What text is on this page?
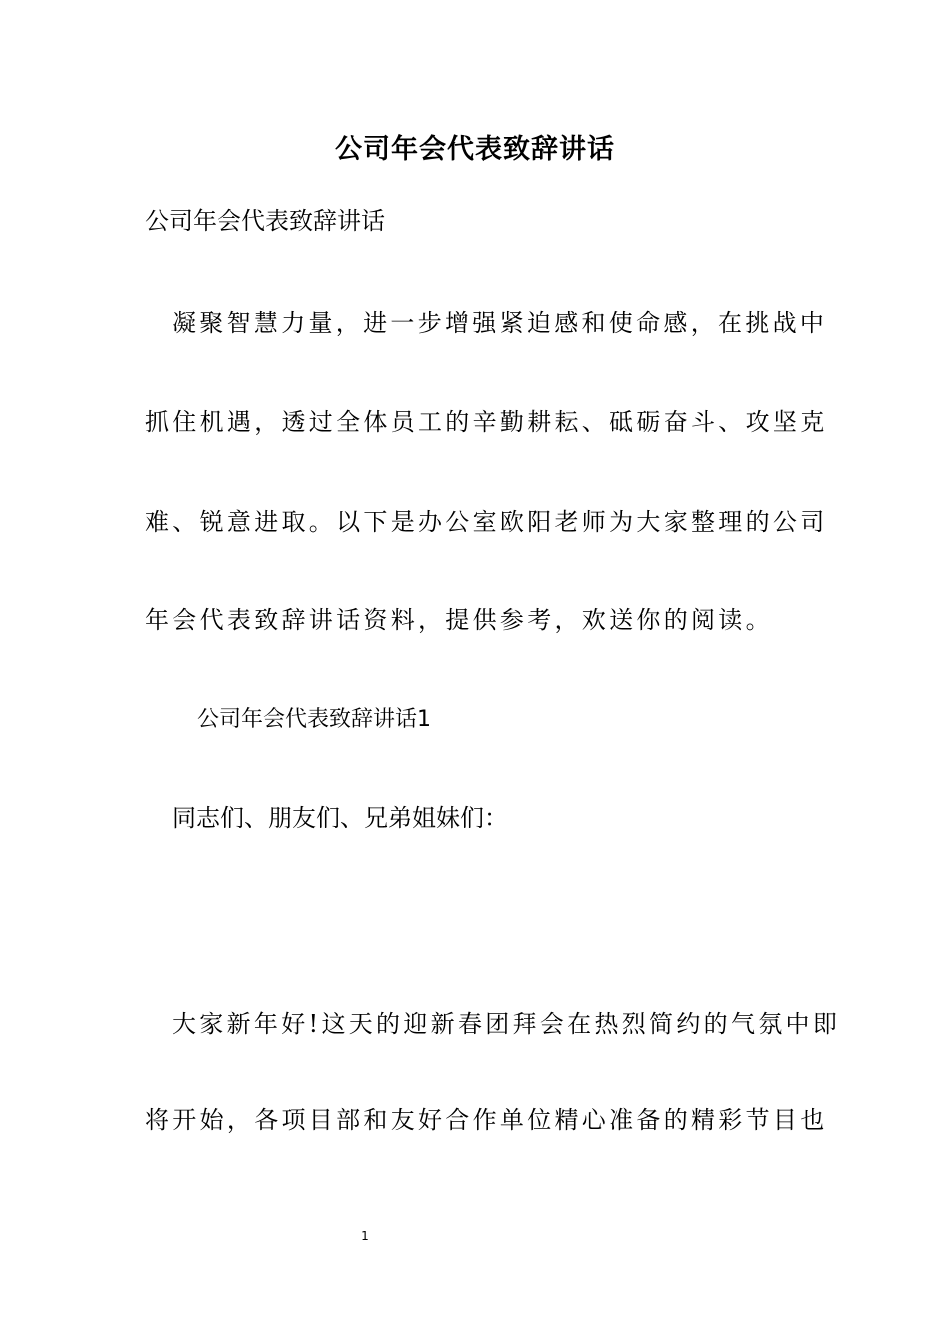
公司年会代表致辞讲话
公司年会代表致辞讲话
凝聚智慧力量，进一步增强紧迫感和使命感，在挑战中
抓住机遇，透过全体员工的辛勤耕耘、砥砺奋斗、攻坚克
难、锐意进取。以下是办公室欧阳老师为大家整理的公司
年会代表致辞讲话资料，提供参考，欢送你的阅读。
公司年会代表致辞讲话1
同志们、朋友们、兄弟姐妹们：
大家新年好!这天的迎新春团拜会在热烈简约的气氛中即
将开始，各项目部和友好合作单位精心准备的精彩节目也
1
